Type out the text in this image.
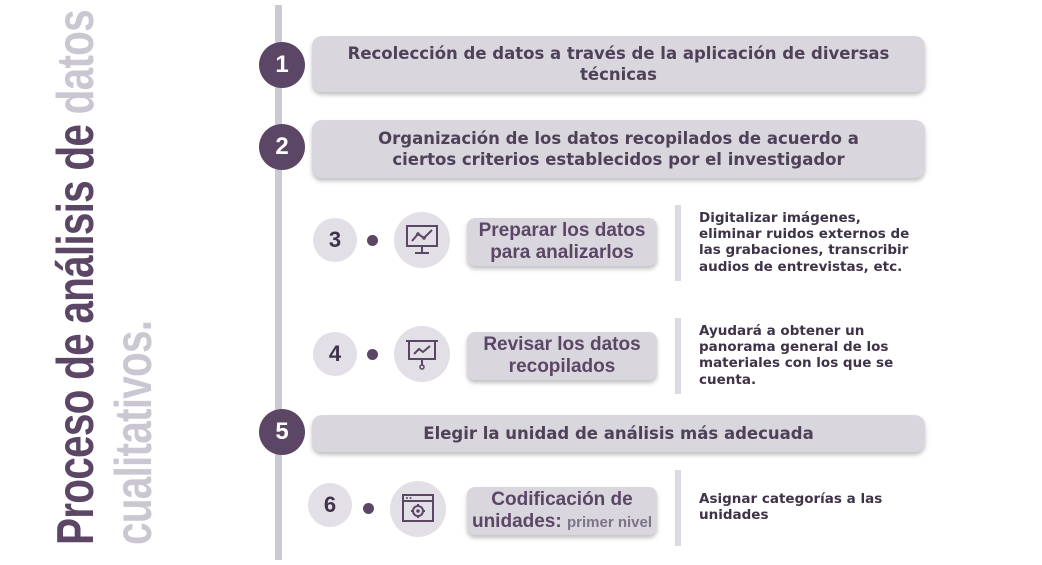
Proceso de análisis de datos
cualitativos.
1	Recolección de datos a través de la aplicación de diversas técnicas
2	Organización de los datos recopilados de acuerdo a ciertos criterios establecidos por el investigador
3	Preparar los datos
para analizarlos
Digitalizar imágenes, eliminar ruidos externos de las grabaciones, transcribir audios de entrevistas, etc.
4	Revisar los datos
recopilados
Ayudará a obtener un panorama general de los materiales con los que se cuenta.
5	Elegir la unidad de análisis más adecuada
6	Codificación de
unidades: primer nivel
Asignar categorías a las unidades
